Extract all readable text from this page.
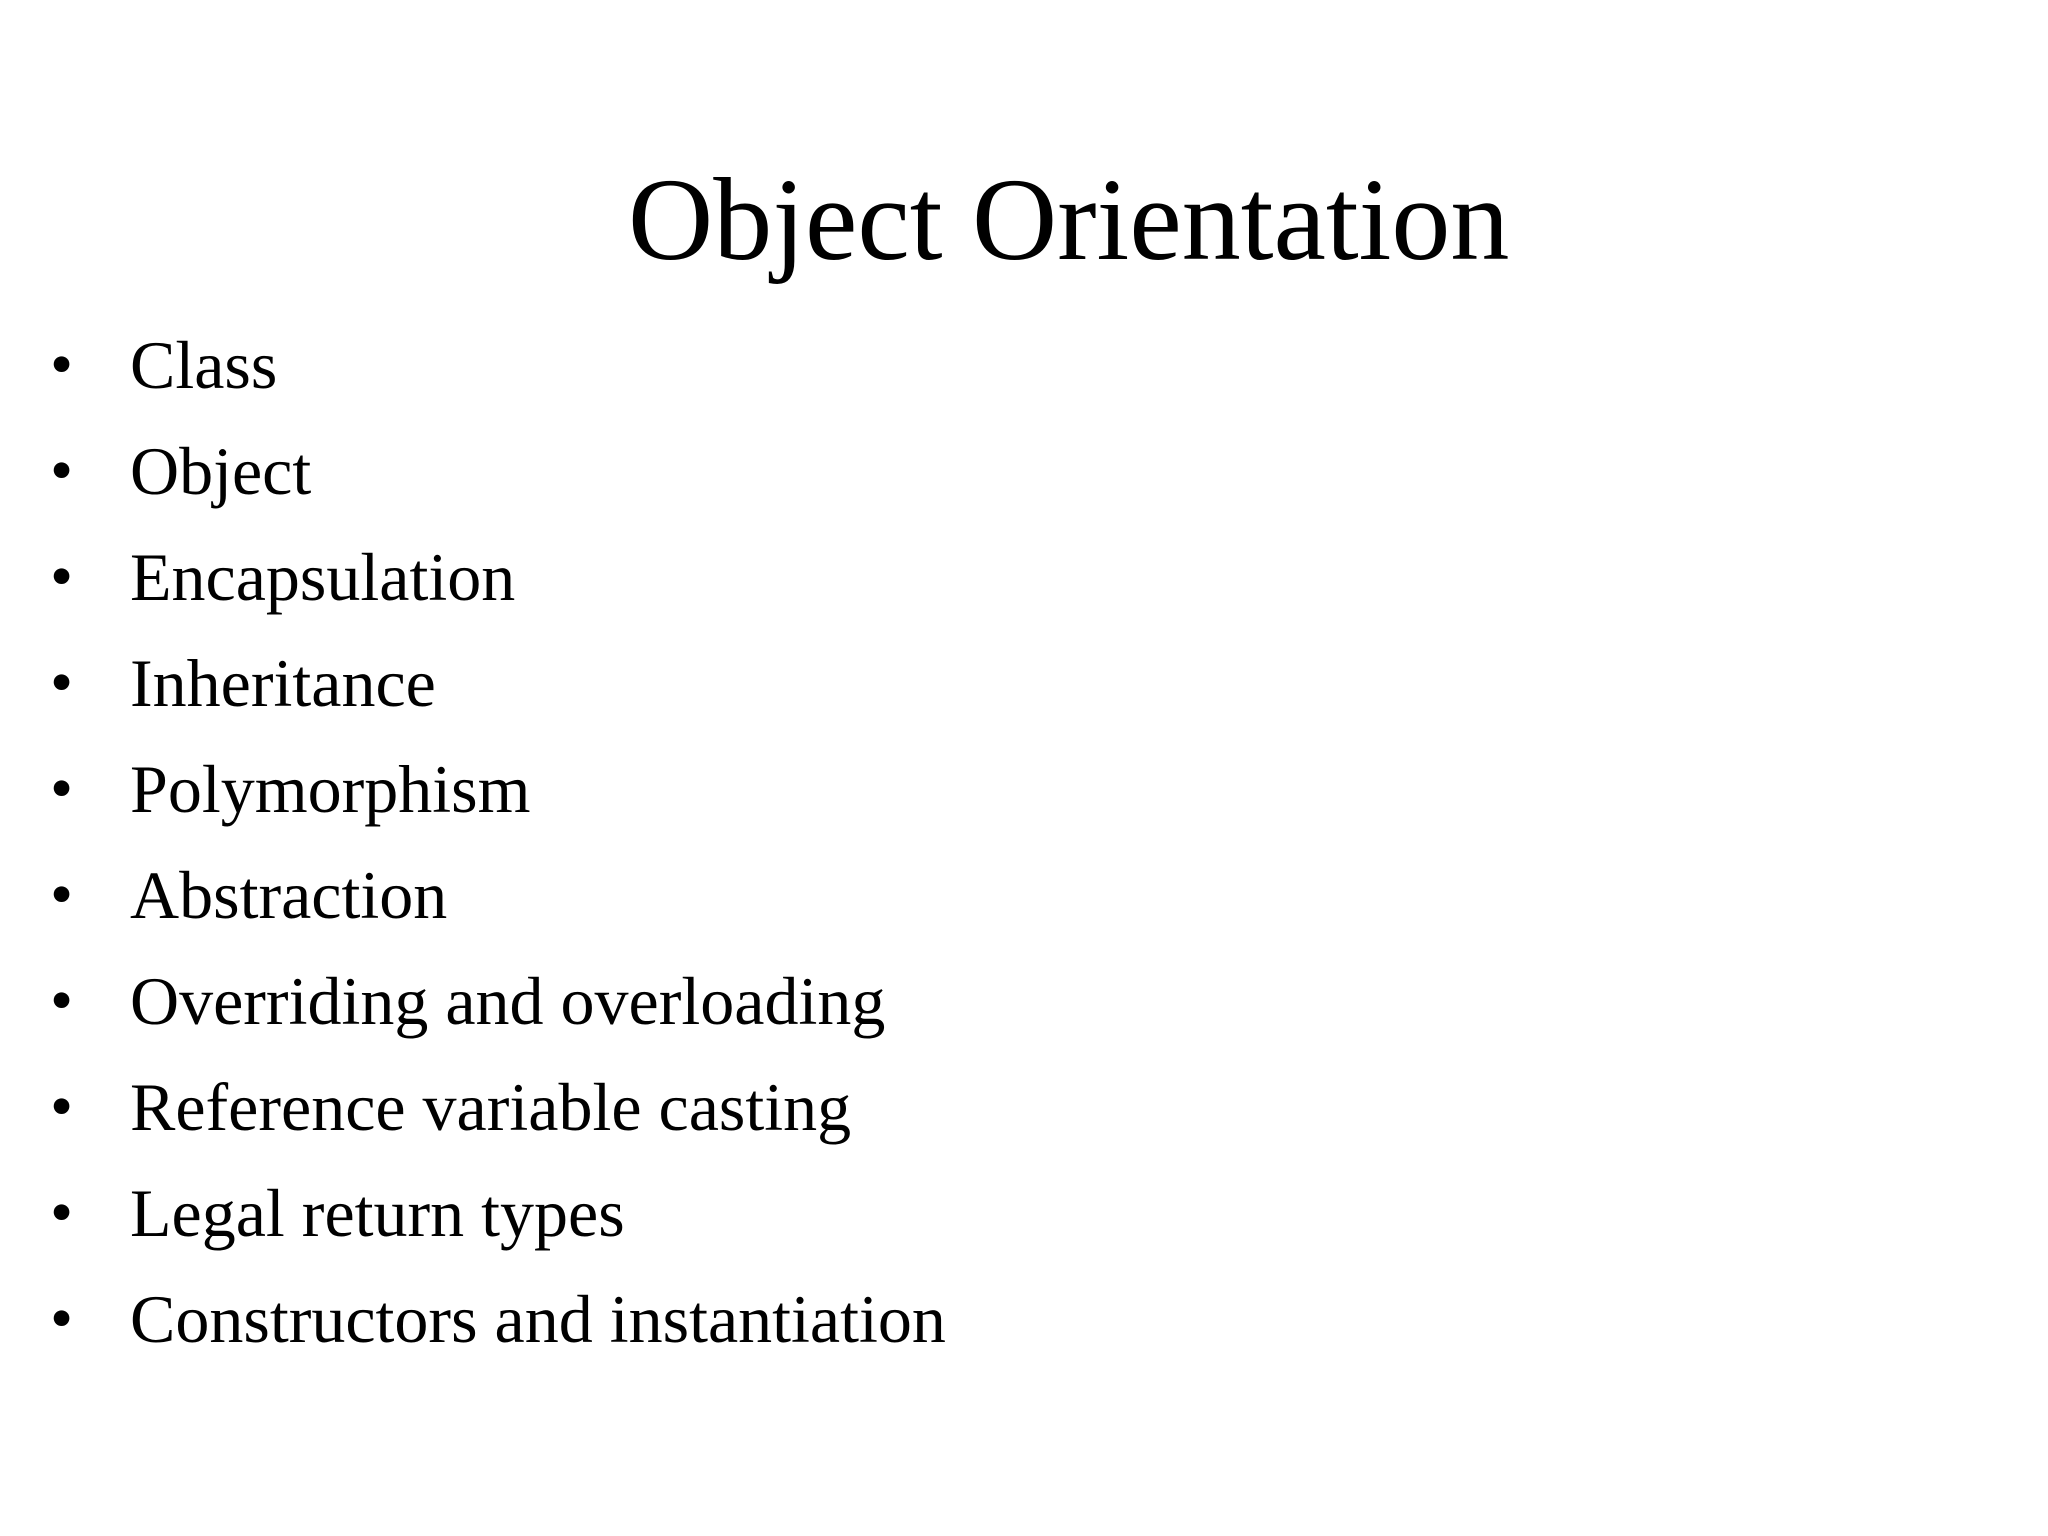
Object Orientation
• Class
• Object
• Encapsulation
• Inheritance
• Polymorphism
• Abstraction
• Overriding and overloading
• Reference variable casting
• Legal return types
• Constructors and instantiation
